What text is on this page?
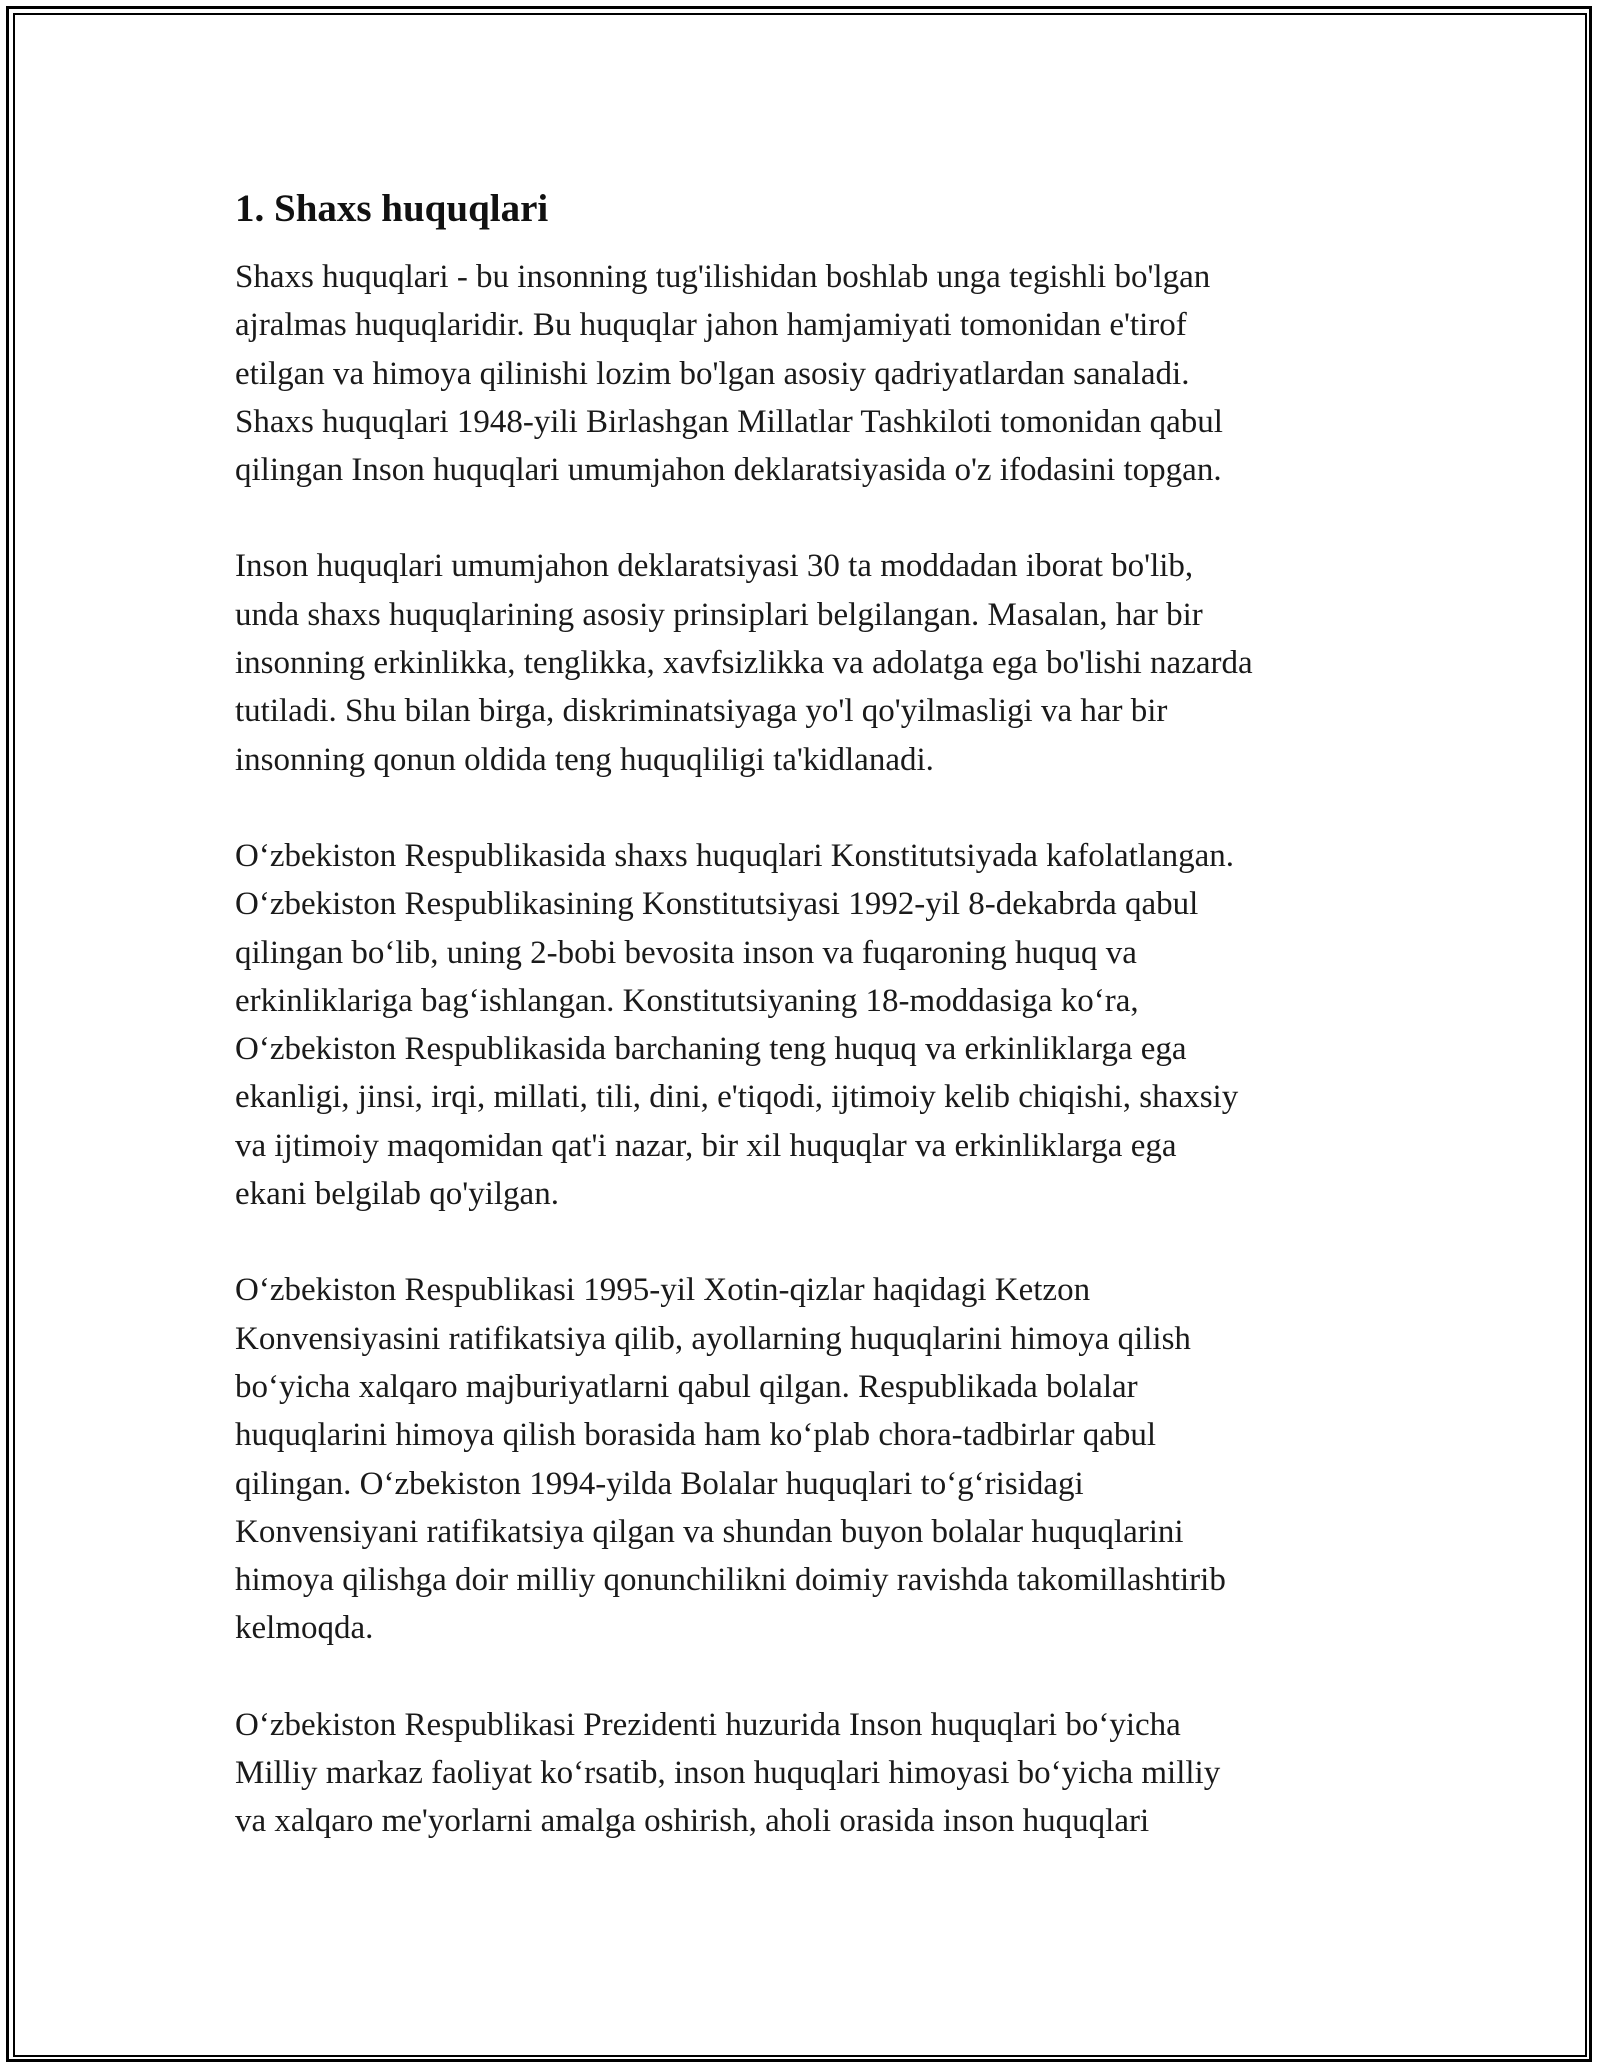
1. Shaxs huquqlari

Shaxs huquqlari - bu insonning tug'ilishidan boshlab unga tegishli bo'lgan
ajralmas huquqlaridir. Bu huquqlar jahon hamjamiyati tomonidan e'tirof
etilgan va himoya qilinishi lozim bo'lgan asosiy qadriyatlardan sanaladi.
Shaxs huquqlari 1948-yili Birlashgan Millatlar Tashkiloti tomonidan qabul
qilingan Inson huquqlari umumjahon deklaratsiyasida o'z ifodasini topgan.

Inson huquqlari umumjahon deklaratsiyasi 30 ta moddadan iborat bo'lib,
unda shaxs huquqlarining asosiy prinsiplari belgilangan. Masalan, har bir
insonning erkinlikka, tenglikka, xavfsizlikka va adolatga ega bo'lishi nazarda
tutiladi. Shu bilan birga, diskriminatsiyaga yo'l qo'yilmasligi va har bir
insonning qonun oldida teng huquqliligi ta'kidlanadi.

O‘zbekiston Respublikasida shaxs huquqlari Konstitutsiyada kafolatlangan.
O‘zbekiston Respublikasining Konstitutsiyasi 1992-yil 8-dekabrda qabul
qilingan bo‘lib, uning 2-bobi bevosita inson va fuqaroning huquq va
erkinliklariga bag‘ishlangan. Konstitutsiyaning 18-moddasiga ko‘ra,
O‘zbekiston Respublikasida barchaning teng huquq va erkinliklarga ega
ekanligi, jinsi, irqi, millati, tili, dini, e'tiqodi, ijtimoiy kelib chiqishi, shaxsiy
va ijtimoiy maqomidan qat'i nazar, bir xil huquqlar va erkinliklarga ega
ekani belgilab qo'yilgan.

O‘zbekiston Respublikasi 1995-yil Xotin-qizlar haqidagi Ketzon
Konvensiyasini ratifikatsiya qilib, ayollarning huquqlarini himoya qilish
bo‘yicha xalqaro majburiyatlarni qabul qilgan. Respublikada bolalar
huquqlarini himoya qilish borasida ham ko‘plab chora-tadbirlar qabul
qilingan. O‘zbekiston 1994-yilda Bolalar huquqlari to‘g‘risidagi
Konvensiyani ratifikatsiya qilgan va shundan buyon bolalar huquqlarini
himoya qilishga doir milliy qonunchilikni doimiy ravishda takomillashtirib
kelmoqda.

O‘zbekiston Respublikasi Prezidenti huzurida Inson huquqlari bo‘yicha
Milliy markaz faoliyat ko‘rsatib, inson huquqlari himoyasi bo‘yicha milliy
va xalqaro me'yorlarni amalga oshirish, aholi orasida inson huquqlari
